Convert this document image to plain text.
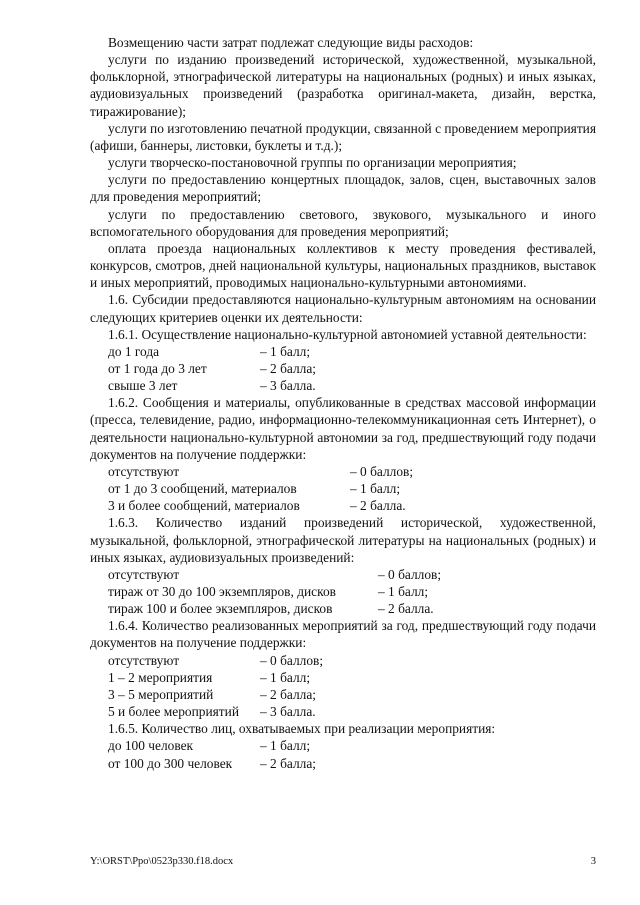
Возмещению части затрат подлежат следующие виды расходов:

услуги по изданию произведений исторической, художественной, музыкальной, фольклорной, этнографической литературы на национальных (родных) и иных языках, аудиовизуальных произведений (разработка оригинал-макета, дизайн, верстка, тиражирование);

услуги по изготовлению печатной продукции, связанной с проведением мероприятия (афиши, баннеры, листовки, буклеты и т.д.);

услуги творческо-постановочной группы по организации мероприятия;

услуги по предоставлению концертных площадок, залов, сцен, выставочных залов для проведения мероприятий;

услуги по предоставлению светового, звукового, музыкального и иного вспомогательного оборудования для проведения мероприятий;

оплата проезда национальных коллективов к месту проведения фестивалей, конкурсов, смотров, дней национальной культуры, национальных праздников, выставок и иных мероприятий, проводимых национально-культурными автономиями.

1.6. Субсидии предоставляются национально-культурным автономиям на основании следующих критериев оценки их деятельности:

1.6.1. Осуществление национально-культурной автономией уставной деятельности:

до 1 года	– 1 балл;
от 1 года до 3 лет	– 2 балла;
свыше 3 лет	– 3 балла.

1.6.2. Сообщения и материалы, опубликованные в средствах массовой информации (пресса, телевидение, радио, информационно-телекоммуникационная сеть Интернет), о деятельности национально-культурной автономии за год, предшествующий году подачи документов на получение поддержки:

отсутствуют	– 0 баллов;
от 1 до 3 сообщений, материалов	– 1 балл;
3 и более сообщений, материалов	– 2 балла.

1.6.3. Количество изданий произведений исторической, художественной, музыкальной, фольклорной, этнографической литературы на национальных (родных) и иных языках, аудиовизуальных произведений:

отсутствуют	– 0 баллов;
тираж от 30 до 100 экземпляров, дисков	– 1 балл;
тираж 100 и более экземпляров, дисков	– 2 балла.

1.6.4. Количество реализованных мероприятий за год, предшествующий году подачи документов на получение поддержки:

отсутствуют	– 0 баллов;
1 – 2 мероприятия	– 1 балл;
3 – 5 мероприятий	– 2 балла;
5 и более мероприятий	– 3 балла.

1.6.5. Количество лиц, охватываемых при реализации мероприятия:

до 100 человек	– 1 балл;
от 100 до 300 человек	– 2 балла;
Y:\ORST\Ppo\0523p330.f18.docx	3
